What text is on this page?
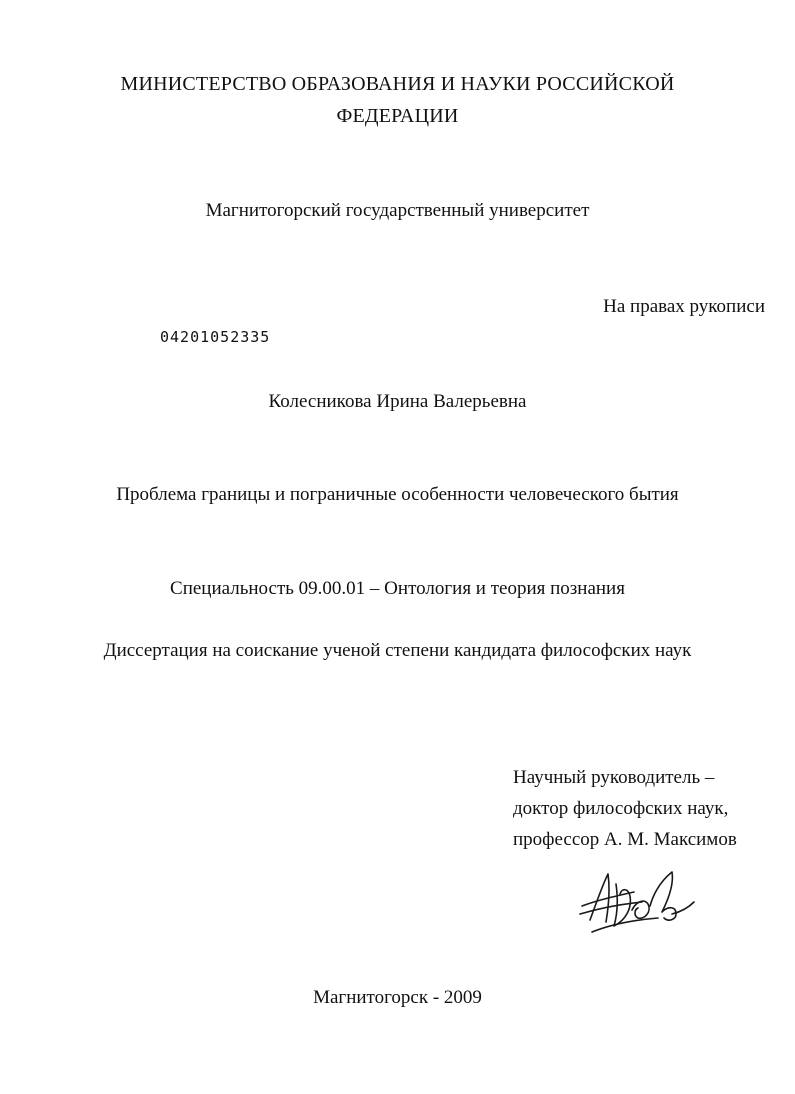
МИНИСТЕРСТВО ОБРАЗОВАНИЯ И НАУКИ РОССИЙСКОЙ
ФЕДЕРАЦИИ
Магнитогорский государственный университет
На правах рукописи
04201052335
Колесникова Ирина Валерьевна
Проблема границы и пограничные особенности человеческого бытия
Специальность 09.00.01 – Онтология и теория познания
Диссертация на соискание ученой степени кандидата философских наук
Научный руководитель –
доктор философских наук,
профессор А. М. Максимов
Магнитогорск - 2009
